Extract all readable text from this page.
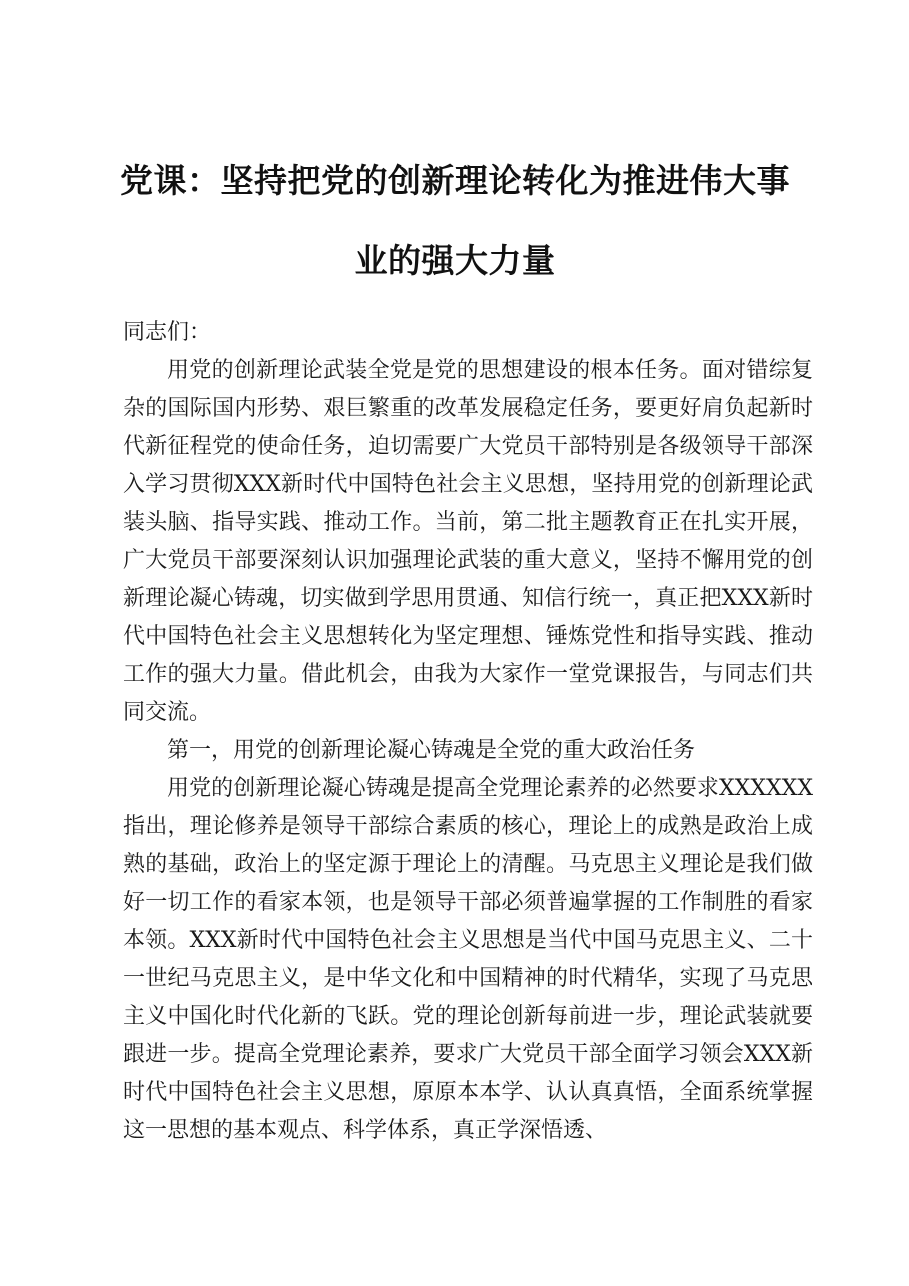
党课：坚持把党的创新理论转化为推进伟大事业的强大力量

同志们：

用党的创新理论武装全党是党的思想建设的根本任务。面对错综复杂的国际国内形势、艰巨繁重的改革发展稳定任务，要更好肩负起新时代新征程党的使命任务，迫切需要广大党员干部特别是各级领导干部深入学习贯彻XXX新时代中国特色社会主义思想，坚持用党的创新理论武装头脑、指导实践、推动工作。当前，第二批主题教育正在扎实开展，广大党员干部要深刻认识加强理论武装的重大意义，坚持不懈用党的创新理论凝心铸魂，切实做到学思用贯通、知信行统一，真正把XXX新时代中国特色社会主义思想转化为坚定理想、锤炼党性和指导实践、推动工作的强大力量。借此机会，由我为大家作一堂党课报告，与同志们共同交流。

第一，用党的创新理论凝心铸魂是全党的重大政治任务

用党的创新理论凝心铸魂是提高全党理论素养的必然要求XXXXXX指出，理论修养是领导干部综合素质的核心，理论上的成熟是政治上成熟的基础，政治上的坚定源于理论上的清醒。马克思主义理论是我们做好一切工作的看家本领，也是领导干部必须普遍掌握的工作制胜的看家本领。XXX新时代中国特色社会主义思想是当代中国马克思主义、二十一世纪马克思主义，是中华文化和中国精神的时代精华，实现了马克思主义中国化时代化新的飞跃。党的理论创新每前进一步，理论武装就要跟进一步。提高全党理论素养，要求广大党员干部全面学习领会XXX新时代中国特色社会主义思想，原原本本学、认认真真悟，全面系统掌握这一思想的基本观点、科学体系，真正学深悟透、
